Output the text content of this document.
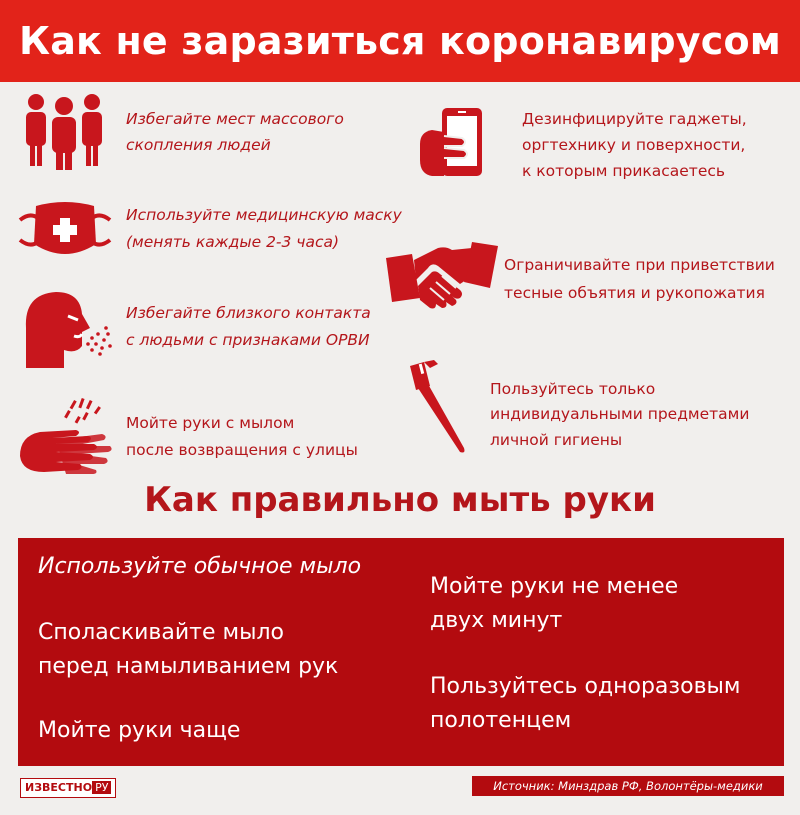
Как не заразиться коронавирусом
Избегайте мест массового
скопления людей
Используйте медицинскую маску
(менять каждые 2-3 часа)
Избегайте близкого контакта
с людьми с признаками ОРВИ
Мойте руки с мылом
после возвращения с улицы
Дезинфицируйте гаджеты,
оргтехнику и поверхности,
к которым прикасаетесь
Ограничивайте при приветствии
тесные объятия и рукопожатия
Пользуйтесь только
индивидуальными предметами
личной гигиены
Как правильно мыть руки
Используйте обычное мыло
Споласкивайте мыло
перед намыливанием рук
Мойте руки чаще
Мойте руки не менее
двух минут
Пользуйтесь одноразовым
полотенцем
ИЗВЕСТНО РУ	Источник: Минздрав РФ, Волонтёры-медики
